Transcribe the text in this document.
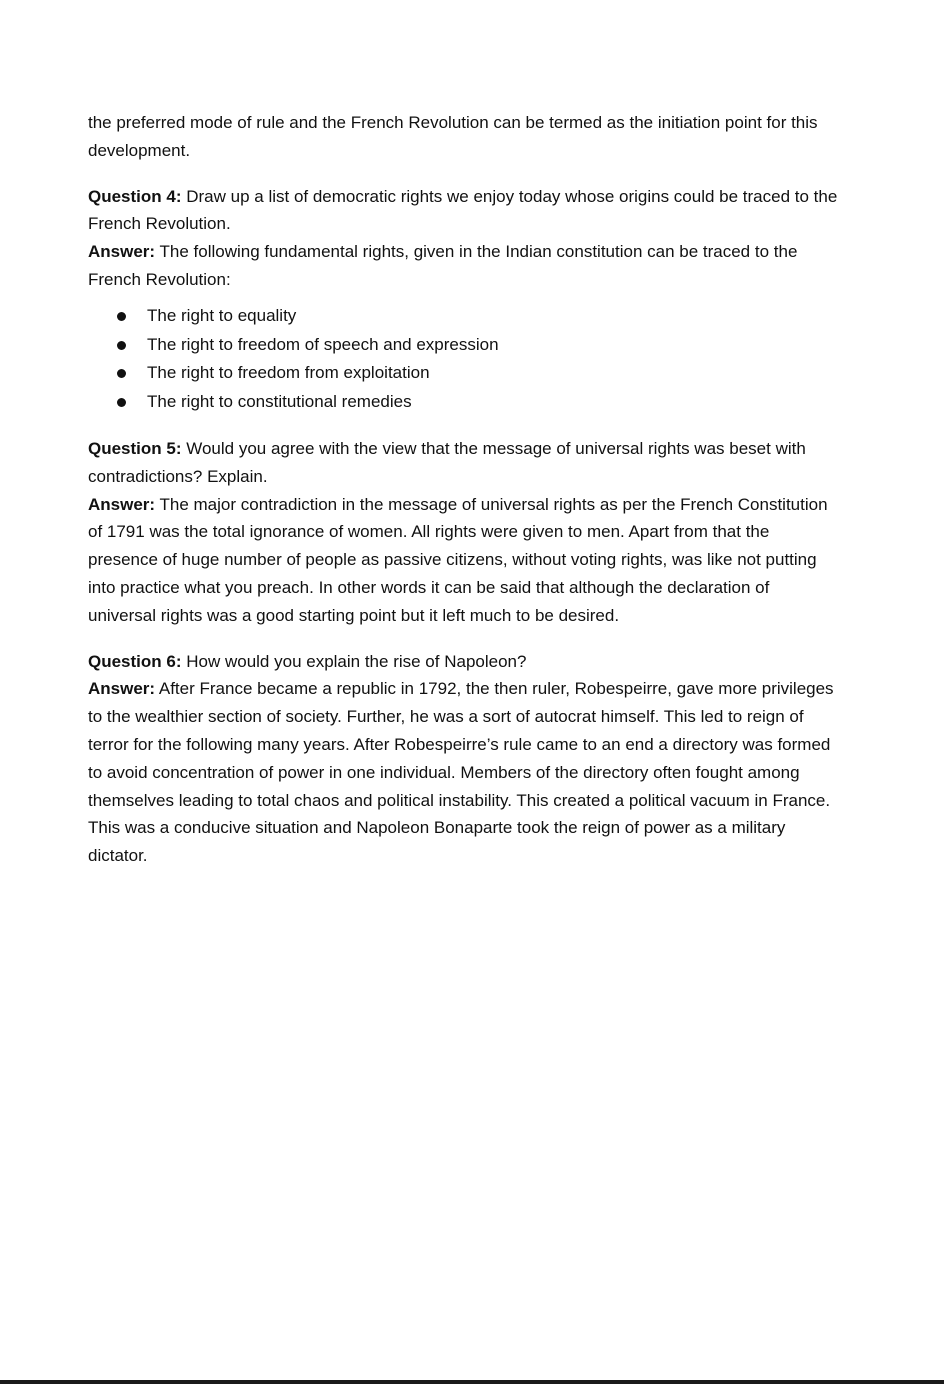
the preferred mode of rule and the French Revolution can be termed as the initiation point for this development.

Question 4: Draw up a list of democratic rights we enjoy today whose origins could be traced to the French Revolution.

Answer: The following fundamental rights, given in the Indian constitution can be traced to the French Revolution:

The right to equality
The right to freedom of speech and expression
The right to freedom from exploitation
The right to constitutional remedies

Question 5: Would you agree with the view that the message of universal rights was beset with contradictions? Explain.

Answer: The major contradiction in the message of universal rights as per the French Constitution of 1791 was the total ignorance of women. All rights were given to men. Apart from that the presence of huge number of people as passive citizens, without voting rights, was like not putting into practice what you preach. In other words it can be said that although the declaration of universal rights was a good starting point but it left much to be desired.

Question 6: How would you explain the rise of Napoleon?

Answer: After France became a republic in 1792, the then ruler, Robespeirre, gave more privileges to the wealthier section of society. Further, he was a sort of autocrat himself. This led to reign of terror for the following many years. After Robespeirre’s rule came to an end a directory was formed to avoid concentration of power in one individual. Members of the directory often fought among themselves leading to total chaos and political instability. This created a political vacuum in France. This was a conducive situation and Napoleon Bonaparte took the reign of power as a military dictator.
